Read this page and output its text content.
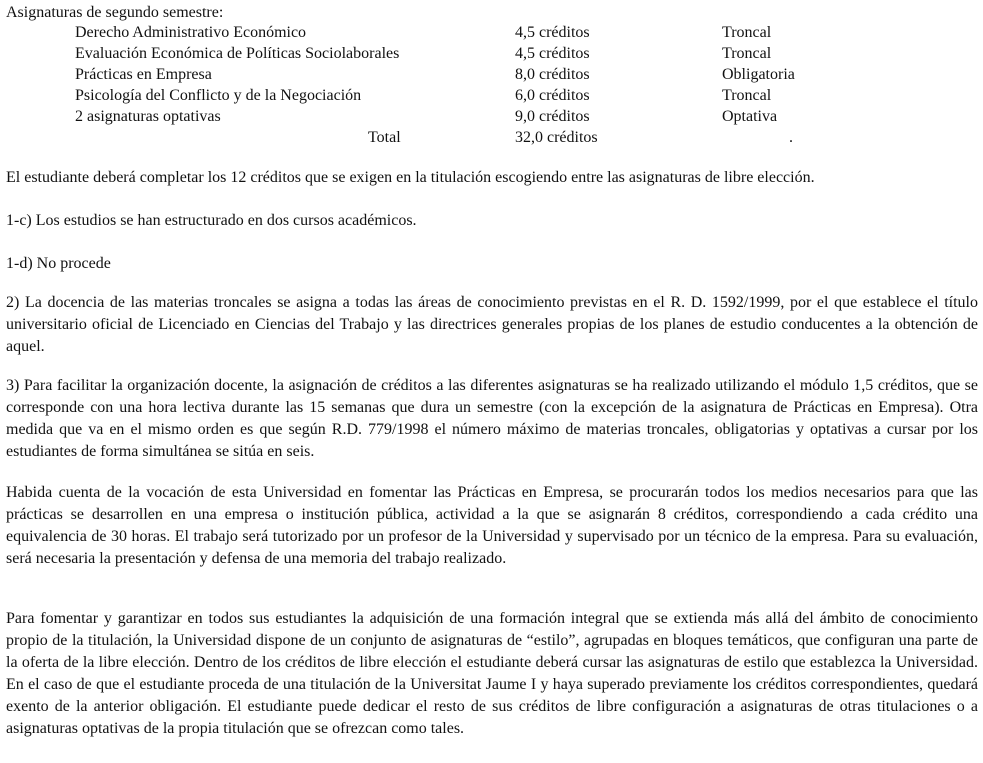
Asignaturas de segundo semestre:
Derecho Administrativo Económico	4,5 créditos	Troncal
Evaluación Económica de Políticas Sociolaborales	4,5 créditos	Troncal
Prácticas en Empresa	8,0 créditos	Obligatoria
Psicología del Conflicto y de la Negociación	6,0 créditos	Troncal
2 asignaturas optativas	9,0 créditos	Optativa
Total	32,0 créditos	.

El estudiante deberá completar los 12 créditos que se exigen en la titulación escogiendo entre las asignaturas de libre elección.

1-c) Los estudios se han estructurado en dos cursos académicos.

1-d) No procede

2) La docencia de las materias troncales se asigna a todas las áreas de conocimiento previstas en el R. D. 1592/1999, por el que establece el título universitario oficial de Licenciado en Ciencias del Trabajo y las directrices generales propias de los planes de estudio conducentes a la obtención de aquel.

3) Para facilitar la organización docente, la asignación de créditos a las diferentes asignaturas se ha realizado utilizando el módulo 1,5 créditos, que se corresponde con una hora lectiva durante las 15 semanas que dura un semestre (con la excepción de la asignatura de Prácticas en Empresa). Otra medida que va en el mismo orden es que según R.D. 779/1998 el número máximo de materias troncales, obligatorias y optativas a cursar por los estudiantes de forma simultánea se sitúa en seis.

Habida cuenta de la vocación de esta Universidad en fomentar las Prácticas en Empresa, se procurarán todos los medios necesarios para que las prácticas se desarrollen en una empresa o institución pública, actividad a la que se asignarán 8 créditos, correspondiendo a cada crédito una equivalencia de 30 horas. El trabajo será tutorizado por un profesor de la Universidad y supervisado por un técnico de la empresa. Para su evaluación, será necesaria la presentación y defensa de una memoria del trabajo realizado.

Para fomentar y garantizar en todos sus estudiantes la adquisición de una formación integral que se extienda más allá del ámbito de conocimiento propio de la titulación, la Universidad dispone de un conjunto de asignaturas de “estilo”, agrupadas en bloques temáticos, que configuran una parte de la oferta de la libre elección. Dentro de los créditos de libre elección el estudiante deberá cursar las asignaturas de estilo que establezca la Universidad. En el caso de que el estudiante proceda de una titulación de la Universitat Jaume I y haya superado previamente los créditos correspondientes, quedará exento de la anterior obligación. El estudiante puede dedicar el resto de sus créditos de libre configuración a asignaturas de otras titulaciones o a asignaturas optativas de la propia titulación que se ofrezcan como tales.
